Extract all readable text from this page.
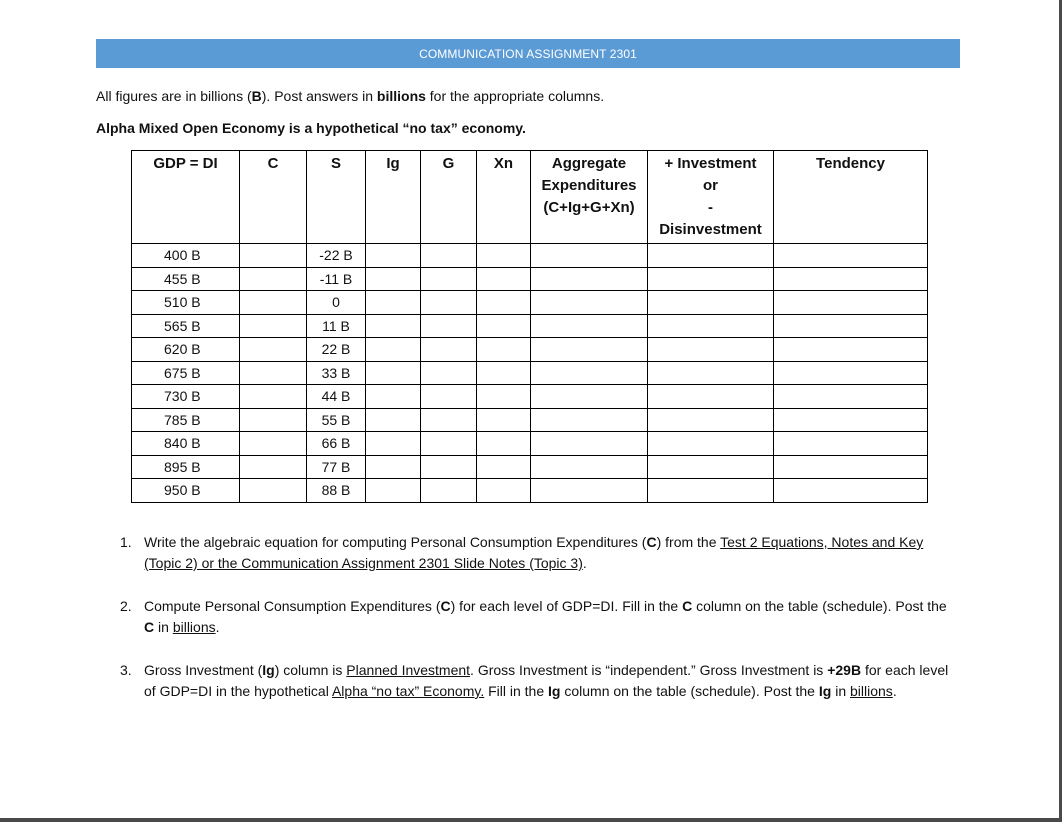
COMMUNICATION ASSIGNMENT 2301
All figures are in billions (B). Post answers in billions for the appropriate columns.
Alpha Mixed Open Economy is a hypothetical “no tax” economy.
GDP = DI	C	S	Ig	G	Xn	Aggregate
Expenditures
(C+Ig+G+Xn)	+ Investment
or
-
Disinvestment	Tendency
400 B		-22 B						
455 B		-11 B						
510 B		0						
565 B		11 B						
620 B		22 B						
675 B		33 B						
730 B		44 B						
785 B		55 B						
840 B		66 B						
895 B		77 B						
950 B		88 B						
1. Write the algebraic equation for computing Personal Consumption Expenditures (C) from the Test 2 Equations, Notes and Key (Topic 2) or the Communication Assignment 2301 Slide Notes (Topic 3).
2. Compute Personal Consumption Expenditures (C) for each level of GDP=DI. Fill in the C column on the table (schedule). Post the C in billions.
3. Gross Investment (Ig) column is Planned Investment. Gross Investment is “independent.” Gross Investment is +29B for each level of GDP=DI in the hypothetical Alpha “no tax” Economy. Fill in the Ig column on the table (schedule). Post the Ig in billions.
